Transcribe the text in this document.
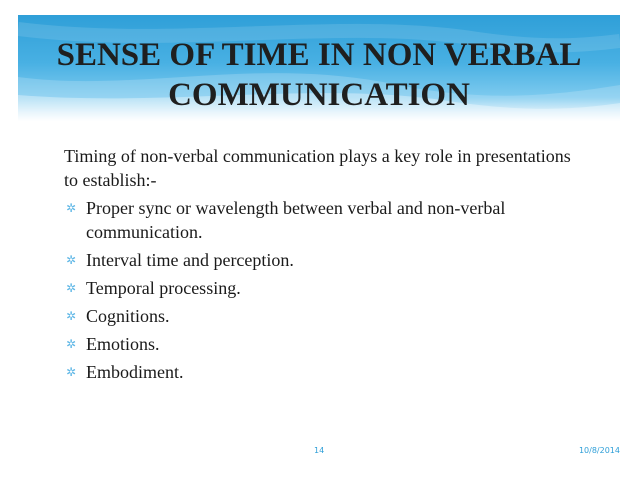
SENSE OF TIME IN NON VERBAL
COMMUNICATION

Timing of non-verbal communication plays a key role in presentations to establish:-

✲ Proper sync or wavelength between verbal and non-verbal communication.
✲ Interval time and perception.
✲ Temporal processing.
✲ Cognitions.
✲ Emotions.
✲ Embodiment.
14	10/8/2014
